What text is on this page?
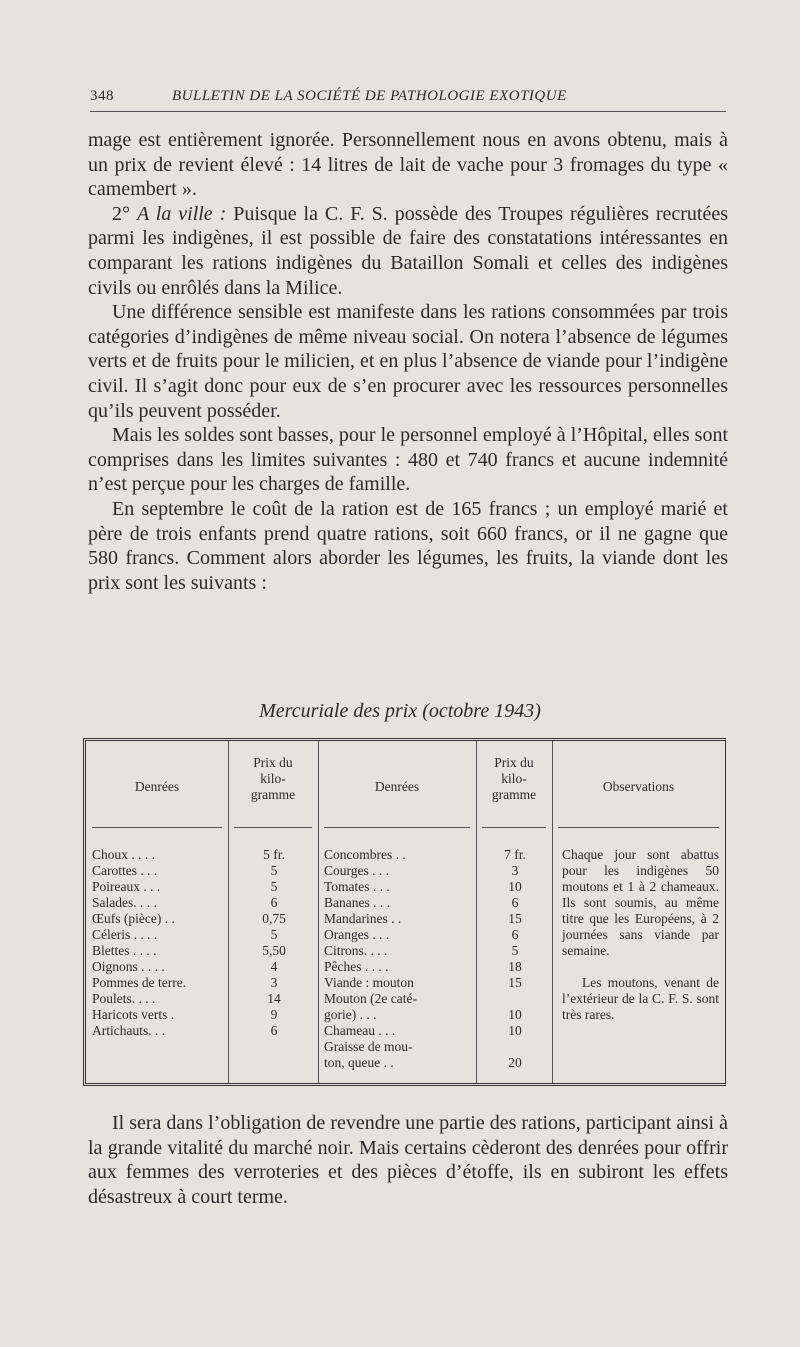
348	BULLETIN DE LA SOCIÉTÉ DE PATHOLOGIE EXOTIQUE

mage est entièrement ignorée. Personnellement nous en avons obtenu, mais à un prix de revient élevé : 14 litres de lait de vache pour 3 fromages du type « camembert ».

2° A la ville : Puisque la C. F. S. possède des Troupes régulières recrutées parmi les indigènes, il est possible de faire des constatations intéressantes en comparant les rations indigènes du Bataillon Somali et celles des indigènes civils ou enrôlés dans la Milice.

Une différence sensible est manifeste dans les rations consommées par trois catégories d’indigènes de même niveau social. On notera l’absence de légumes verts et de fruits pour le milicien, et en plus l’absence de viande pour l’indigène civil. Il s’agit donc pour eux de s’en procurer avec les ressources personnelles qu’ils peuvent posséder.

Mais les soldes sont basses, pour le personnel employé à l’Hôpital, elles sont comprises dans les limites suivantes : 480 et 740 francs et aucune indemnité n’est perçue pour les charges de famille.

En septembre le coût de la ration est de 165 francs ; un employé marié et père de trois enfants prend quatre rations, soit 660 francs, or il ne gagne que 580 francs. Comment alors aborder les légumes, les fruits, la viande dont les prix sont les suivants :

Mercuriale des prix (octobre 1943)
Denrées
Choux . . . .
Carottes . . .
Poireaux . . .
Salades. . . .
Œufs (pièce) . .
Céleris . . . .
Blettes . . . .
Oignons . . . .
Pommes de terre.
Poulets. . . .
Haricots verts .
Artichauts. . .
Prix du
kilo-
gramme
5 fr.
5
5
6
0,75
5
5,50
4
3
14
9
6
Denrées
Concombres . .
Courges . . .
Tomates . . .
Bananes . . .
Mandarines . .
Oranges . . .
Citrons. . . .
Pêches . . . .
Viande : mouton
Mouton (2e caté-
gorie) . . .
Chameau . . .
Graisse de mou-
ton, queue . .
Prix du
kilo-
gramme
7 fr.
3
10
6
15
6
5
18
15

10
10

20
Observations

Chaque jour sont abattus pour les indigènes 50 moutons et 1 à 2 chameaux. Ils sont soumis, au même titre que les Européens, à 2 journées sans viande par semaine.

Les moutons, venant de l’extérieur de la C. F. S. sont très rares.

Il sera dans l’obligation de revendre une partie des rations, participant ainsi à la grande vitalité du marché noir. Mais certains cèderont des denrées pour offrir aux femmes des verroteries et des pièces d’étoffe, ils en subiront les effets désastreux à court terme.
